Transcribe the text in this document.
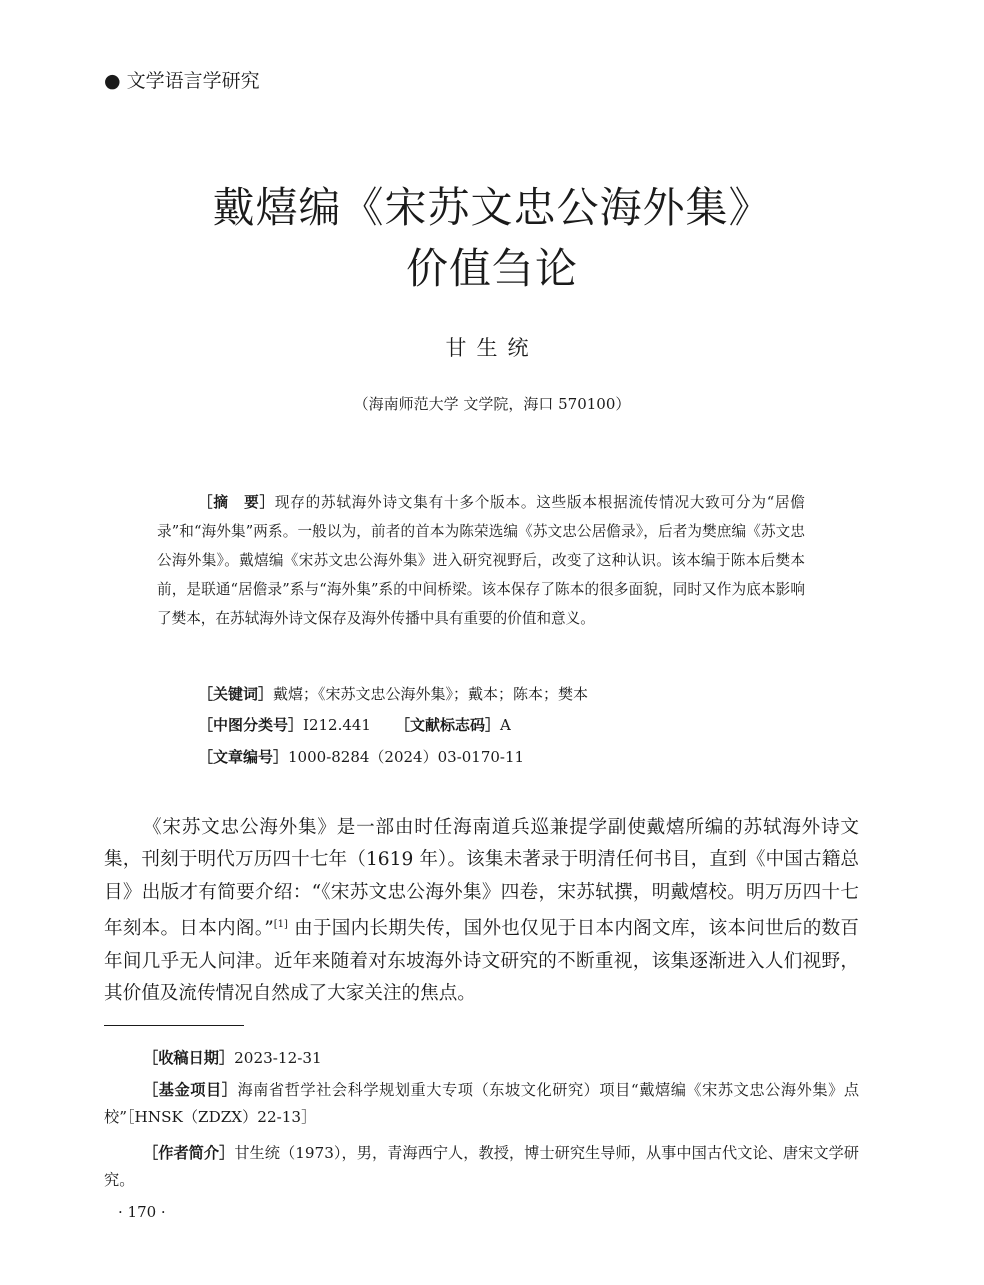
● 文学语言学研究
戴熺编《宋苏文忠公海外集》
价值刍论
甘生统
（海南师范大学 文学院，海口 570100）
［摘　要］现存的苏轼海外诗文集有十多个版本。这些版本根据流传情况大致可分为“居儋录”和“海外集”两系。一般以为，前者的首本为陈荣选编《苏文忠公居儋录》，后者为樊庶编《苏文忠公海外集》。戴熺编《宋苏文忠公海外集》进入研究视野后，改变了这种认识。该本编于陈本后樊本前，是联通“居儋录”系与“海外集”系的中间桥梁。该本保存了陈本的很多面貌，同时又作为底本影响了樊本，在苏轼海外诗文保存及海外传播中具有重要的价值和意义。
［关键词］戴熺；《宋苏文忠公海外集》；戴本；陈本；樊本
［中图分类号］I212.441 ［文献标志码］A
［文章编号］1000-8284（2024）03-0170-11
《宋苏文忠公海外集》是一部由时任海南道兵巡兼提学副使戴熺所编的苏轼海外诗文集，刊刻于明代万历四十七年（1619 年）。该集未著录于明清任何书目，直到《中国古籍总目》出版才有简要介绍：“《宋苏文忠公海外集》四卷，宋苏轼撰，明戴熺校。明万历四十七年刻本。日本内阁。”[1] 由于国内长期失传，国外也仅见于日本内阁文库，该本问世后的数百年间几乎无人问津。近年来随着对东坡海外诗文研究的不断重视，该集逐渐进入人们视野，其价值及流传情况自然成了大家关注的焦点。
［收稿日期］2023-12-31
［基金项目］海南省哲学社会科学规划重大专项（东坡文化研究）项目“戴熺编《宋苏文忠公海外集》点校”［HNSK（ZDZX）22-13］
［作者简介］甘生统（1973），男，青海西宁人，教授，博士研究生导师，从事中国古代文论、唐宋文学研究。
· 170 ·
